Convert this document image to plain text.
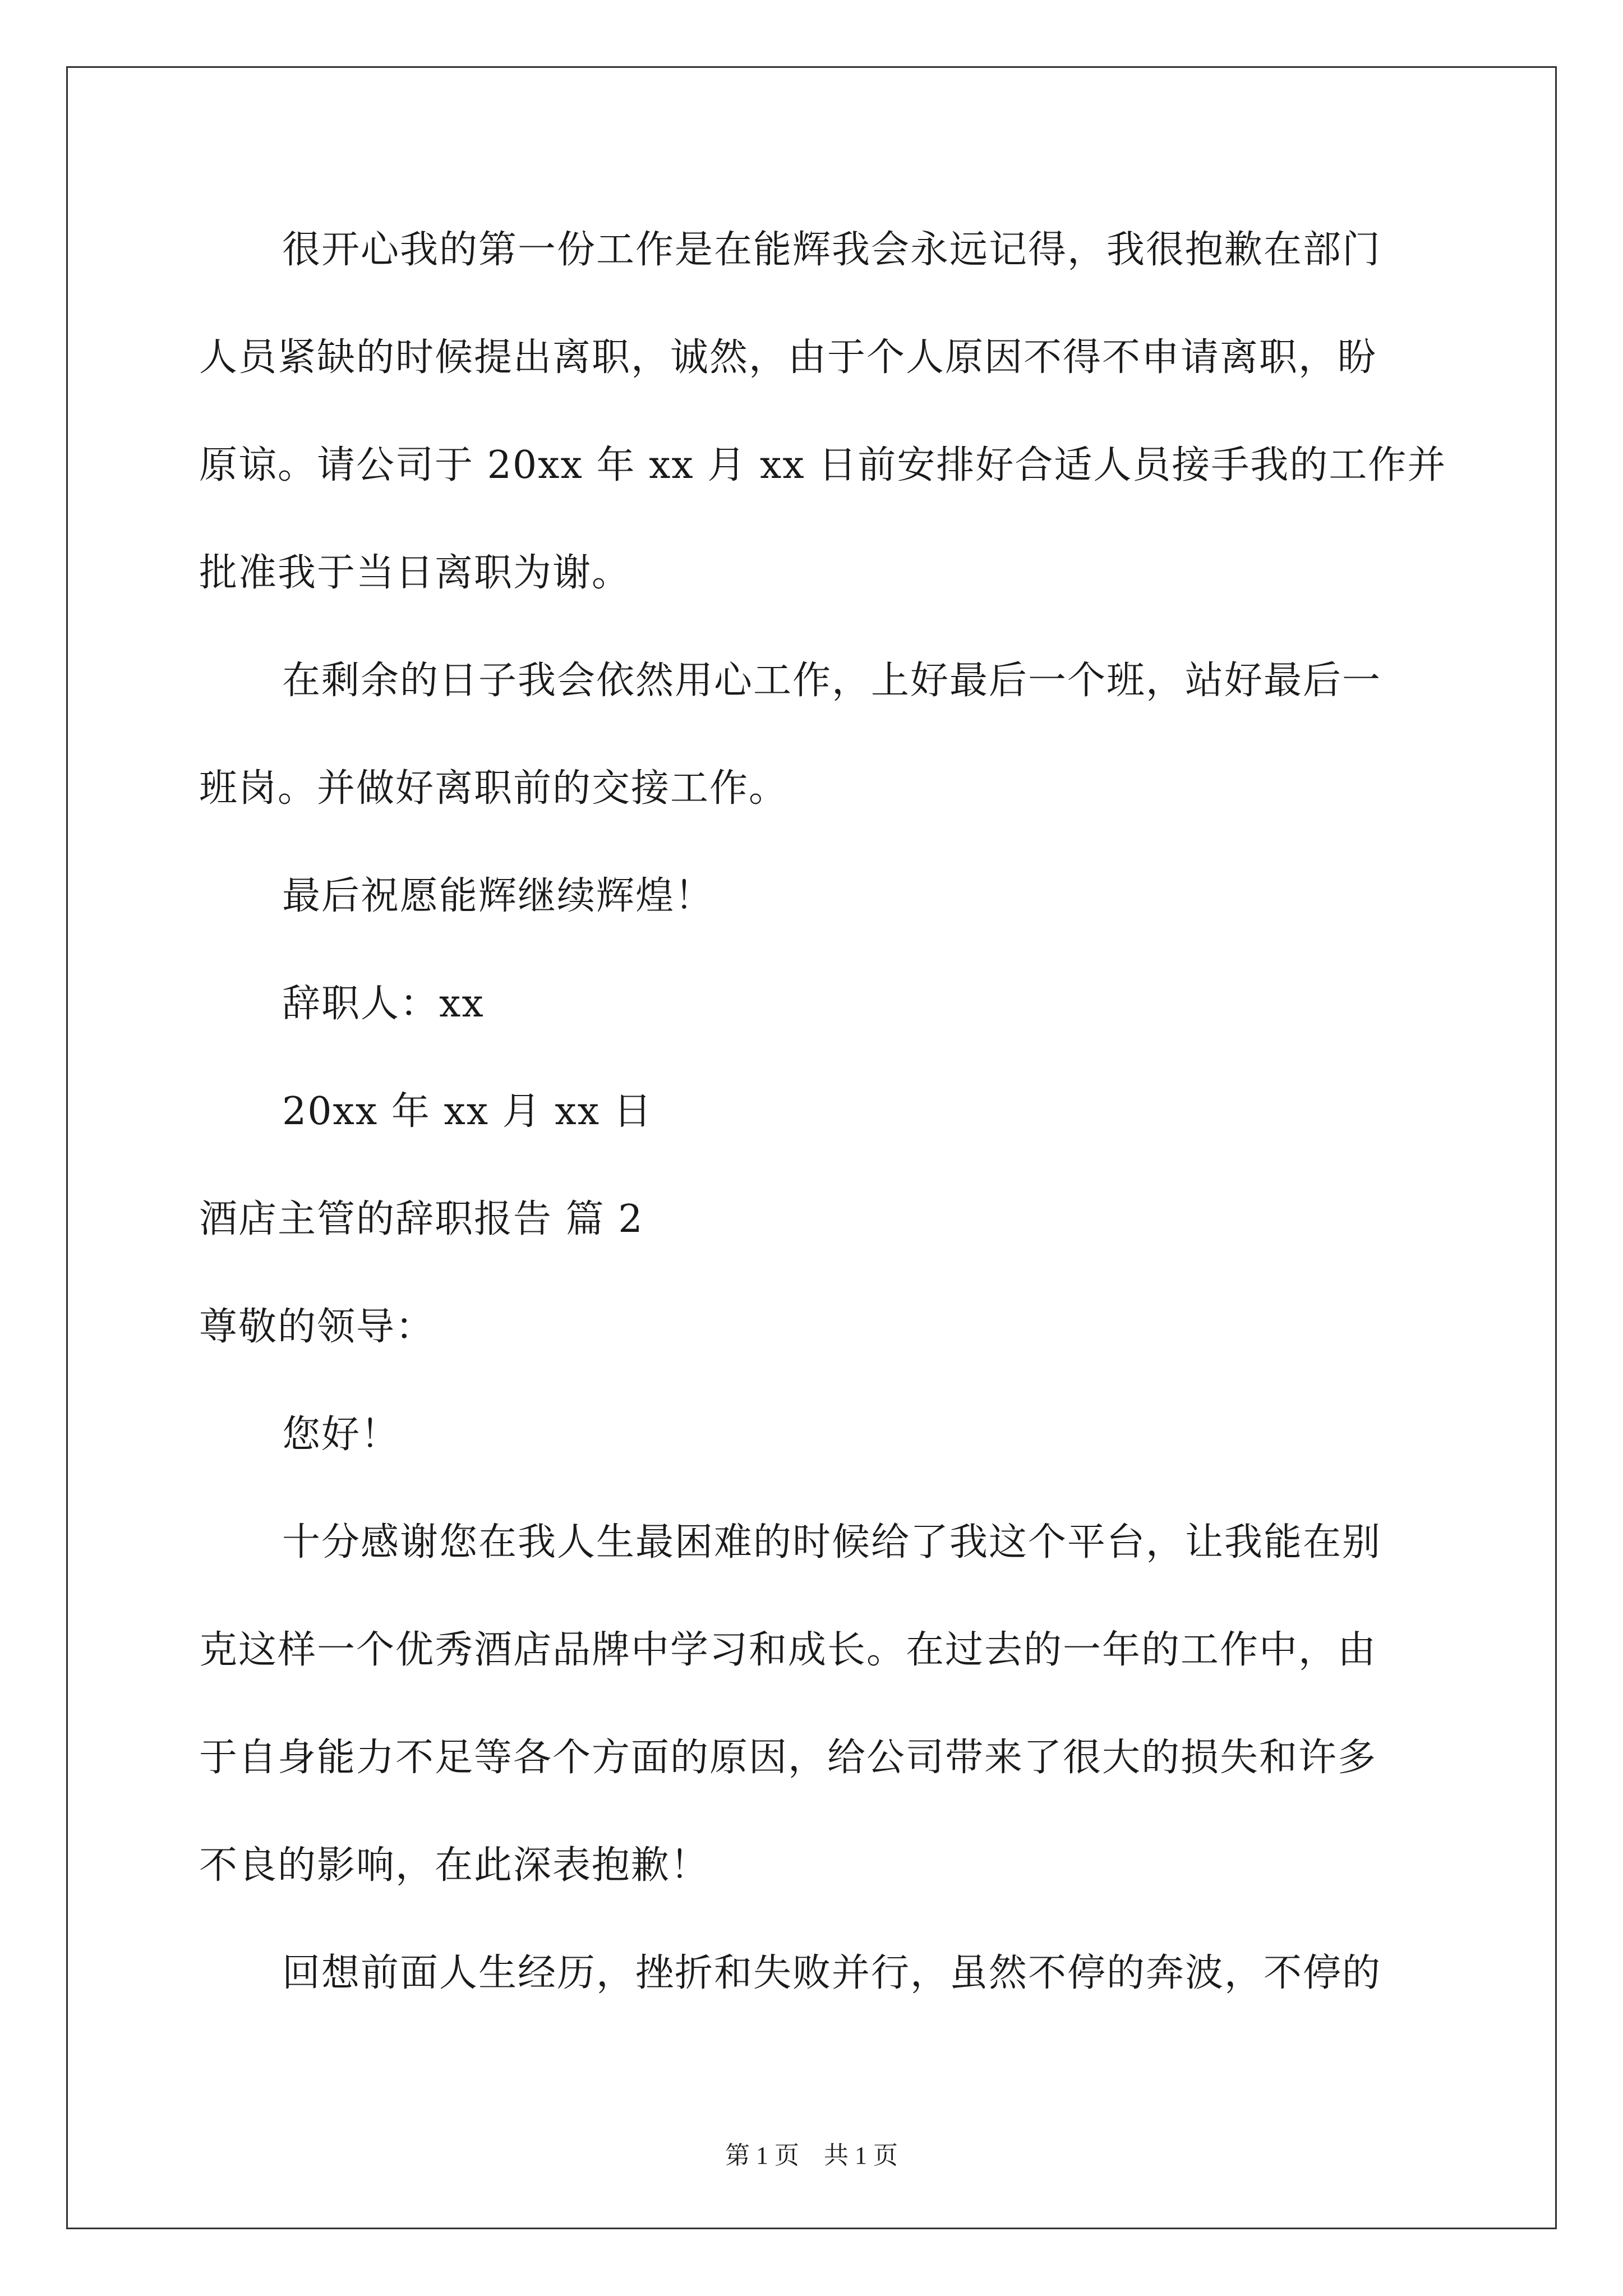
很开心我的第一份工作是在能辉我会永远记得，我很抱歉在部门
人员紧缺的时候提出离职，诚然，由于个人原因不得不申请离职，盼
原谅。请公司于 20xx 年 xx 月 xx 日前安排好合适人员接手我的工作并
批准我于当日离职为谢。
在剩余的日子我会依然用心工作，上好最后一个班，站好最后一
班岗。并做好离职前的交接工作。
最后祝愿能辉继续辉煌！
辞职人：xx
20xx 年 xx 月 xx 日
酒店主管的辞职报告 篇 2
尊敬的领导：
您好！
十分感谢您在我人生最困难的时候给了我这个平台，让我能在别
克这样一个优秀酒店品牌中学习和成长。在过去的一年的工作中，由
于自身能力不足等各个方面的原因，给公司带来了很大的损失和许多
不良的影响，在此深表抱歉！
回想前面人生经历，挫折和失败并行，虽然不停的奔波，不停的
第 1 页    共 1 页
